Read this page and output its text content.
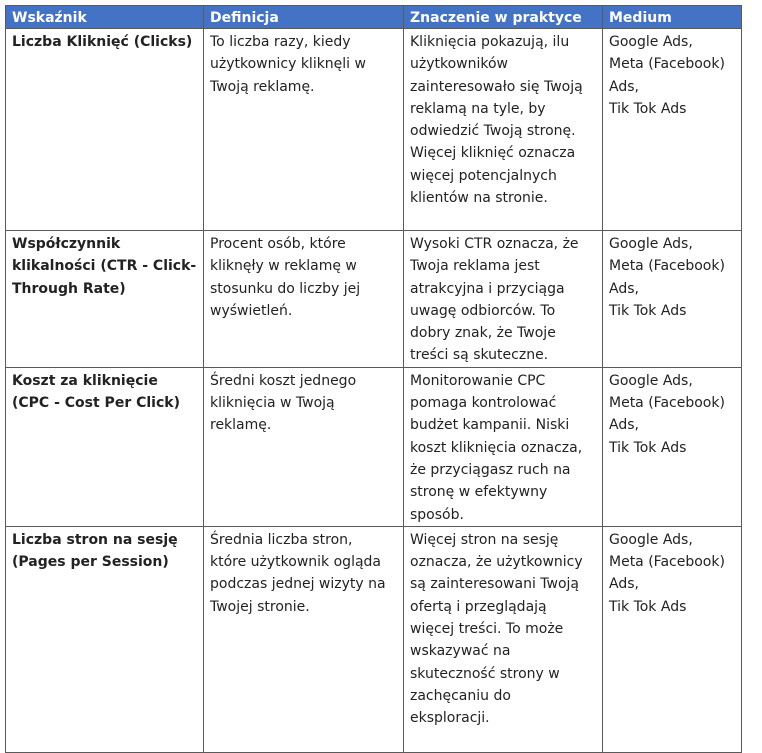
Wskaźnik	Definicja	Znaczenie w praktyce	Medium
Liczba Kliknięć (Clicks)	To liczba razy, kiedy użytkownicy kliknęli w Twoją reklamę.	Kliknięcia pokazują, ilu użytkowników zainteresowało się Twoją reklamą na tyle, by odwiedzić Twoją stronę. Więcej kliknięć oznacza więcej potencjalnych klientów na stronie.	Google Ads,
Meta (Facebook) Ads,
Tik Tok Ads

Współczynnik klikalności (CTR - Click-Through Rate)	Procent osób, które kliknęły w reklamę w stosunku do liczby jej wyświetleń.	Wysoki CTR oznacza, że Twoja reklama jest atrakcyjna i przyciąga uwagę odbiorców. To dobry znak, że Twoje treści są skuteczne.	Google Ads,
Meta (Facebook) Ads,
Tik Tok Ads

Koszt za kliknięcie (CPC - Cost Per Click)	Średni koszt jednego kliknięcia w Twoją reklamę.	Monitorowanie CPC pomaga kontrolować budżet kampanii. Niski koszt kliknięcia oznacza, że przyciągasz ruch na stronę w efektywny sposób.	Google Ads,
Meta (Facebook) Ads,
Tik Tok Ads

Liczba stron na sesję (Pages per Session)	Średnia liczba stron, które użytkownik ogląda podczas jednej wizyty na Twojej stronie.	Więcej stron na sesję oznacza, że użytkownicy są zainteresowani Twoją ofertą i przeglądają więcej treści. To może wskazywać na skuteczność strony w zachęcaniu do eksploracji.	Google Ads,
Meta (Facebook) Ads,
Tik Tok Ads
